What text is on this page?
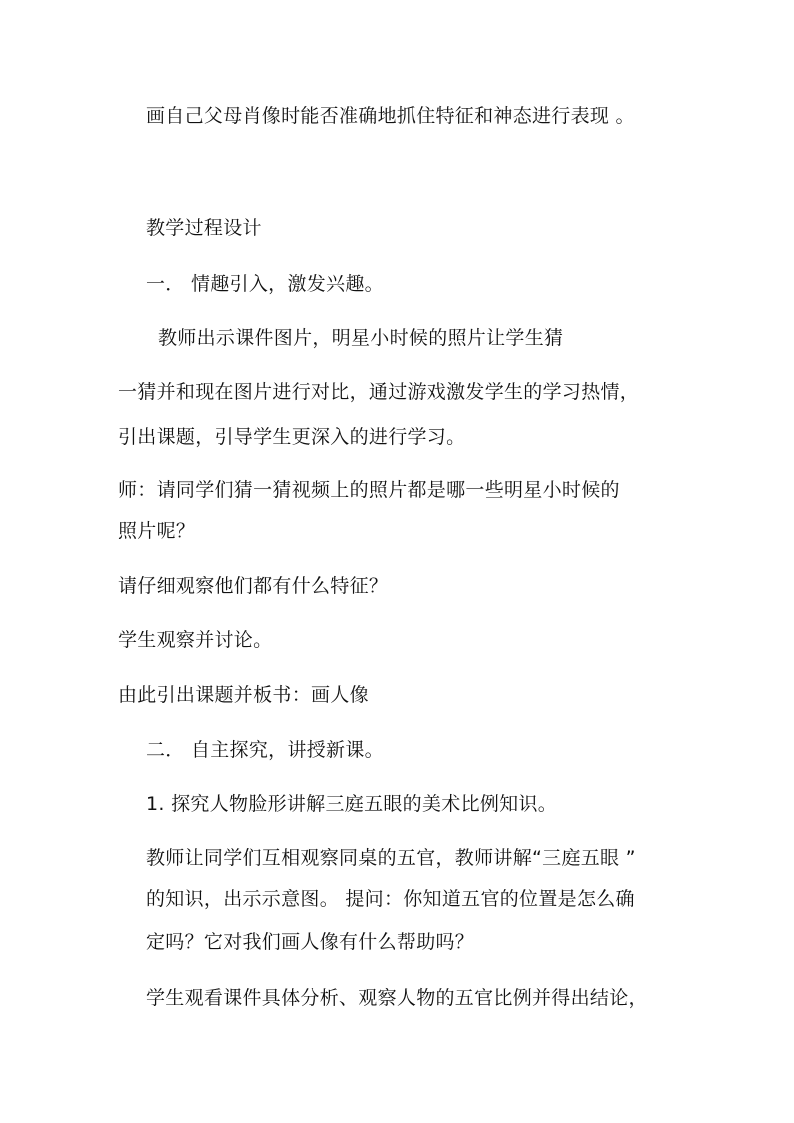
画自己父母肖像时能否准确地抓住特征和神态进行表现 。
教学过程设计
一． 情趣引入，激发兴趣。
教师出示课件图片，明星小时候的照片让学生猜
一猜并和现在图片进行对比，通过游戏激发学生的学习热情，
引出课题，引导学生更深入的进行学习。
师：请同学们猜一猜视频上的照片都是哪一些明星小时候的
照片呢？
请仔细观察他们都有什么特征？
学生观察并讨论。
由此引出课题并板书：画人像
二． 自主探究，讲授新课。
1. 探究人物脸形讲解三庭五眼的美术比例知识。
教师让同学们互相观察同桌的五官，教师讲解“三庭五眼 ”
的知识，出示示意图。 提问：你知道五官的位置是怎么确
定吗？它对我们画人像有什么帮助吗？
学生观看课件具体分析、观察人物的五官比例并得出结论，
